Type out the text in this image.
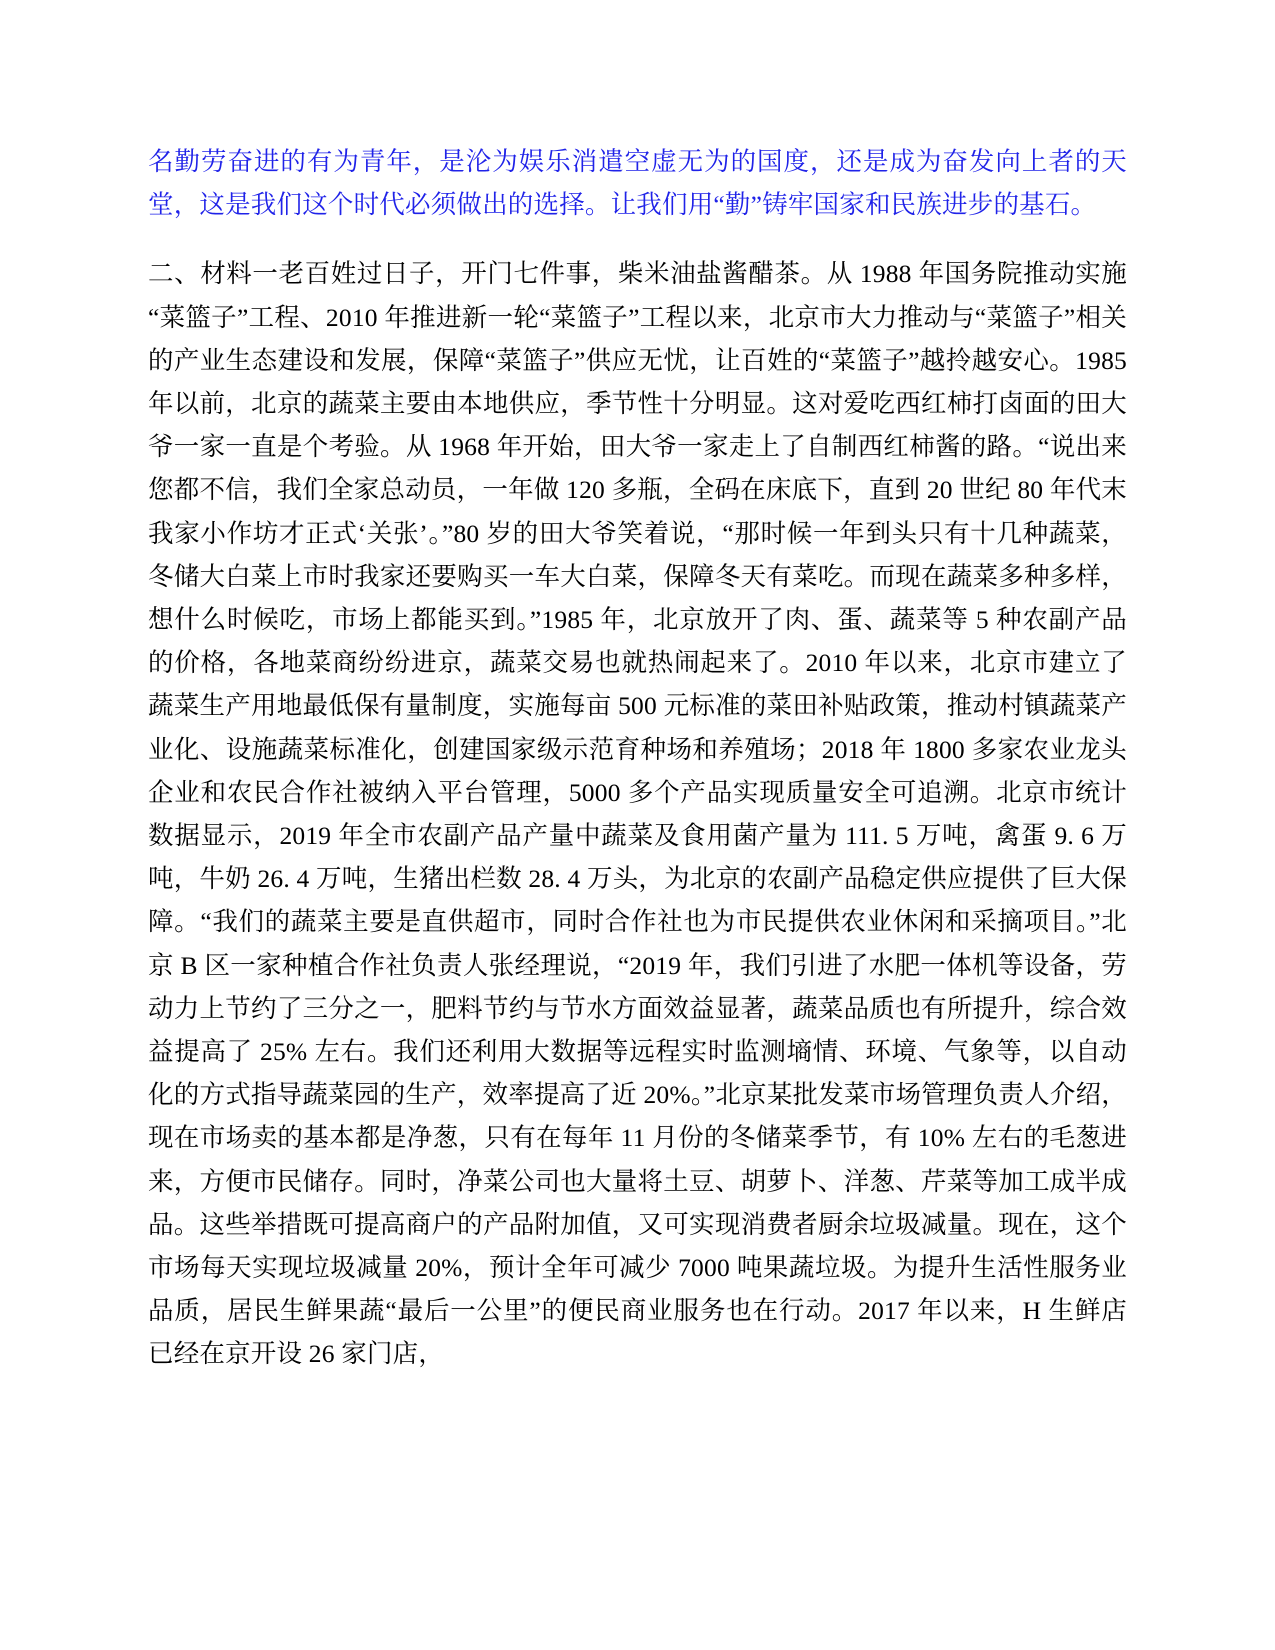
名勤劳奋进的有为青年，是沦为娱乐消遣空虚无为的国度，还是成为奋发向上者的天堂，这是我们这个时代必须做出的选择。让我们用“勤”铸牢国家和民族进步的基石。

二、材料一老百姓过日子，开门七件事，柴米油盐酱醋茶。从 1988 年国务院推动实施“菜篮子”工程、2010 年推进新一轮“菜篮子”工程以来，北京市大力推动与“菜篮子”相关的产业生态建设和发展，保障“菜篮子”供应无忧，让百姓的“菜篮子”越拎越安心。1985 年以前，北京的蔬菜主要由本地供应，季节性十分明显。这对爱吃西红柿打卤面的田大爷一家一直是个考验。从 1968 年开始，田大爷一家走上了自制西红柿酱的路。“说出来您都不信，我们全家总动员，一年做 120 多瓶，全码在床底下，直到 20 世纪 80 年代末我家小作坊才正式‘关张’。”80 岁的田大爷笑着说，“那时候一年到头只有十几种蔬菜，冬储大白菜上市时我家还要购买一车大白菜，保障冬天有菜吃。而现在蔬菜多种多样，想什么时候吃，市场上都能买到。”1985 年，北京放开了肉、蛋、蔬菜等 5 种农副产品的价格，各地菜商纷纷进京，蔬菜交易也就热闹起来了。2010 年以来，北京市建立了蔬菜生产用地最低保有量制度，实施每亩 500 元标准的菜田补贴政策，推动村镇蔬菜产业化、设施蔬菜标准化，创建国家级示范育种场和养殖场；2018 年 1800 多家农业龙头企业和农民合作社被纳入平台管理，5000 多个产品实现质量安全可追溯。北京市统计数据显示，2019 年全市农副产品产量中蔬菜及食用菌产量为 111. 5 万吨，禽蛋 9. 6 万吨，牛奶 26. 4 万吨，生猪出栏数 28. 4 万头，为北京的农副产品稳定供应提供了巨大保障。“我们的蔬菜主要是直供超市，同时合作社也为市民提供农业休闲和采摘项目。”北京 B 区一家种植合作社负责人张经理说，“2019 年，我们引进了水肥一体机等设备，劳动力上节约了三分之一，肥料节约与节水方面效益显著，蔬菜品质也有所提升，综合效益提高了 25% 左右。我们还利用大数据等远程实时监测墒情、环境、气象等，以自动化的方式指导蔬菜园的生产，效率提高了近 20%。”北京某批发菜市场管理负责人介绍，现在市场卖的基本都是净葱，只有在每年 11 月份的冬储菜季节，有 10% 左右的毛葱进来，方便市民储存。同时，净菜公司也大量将土豆、胡萝卜、洋葱、芹菜等加工成半成品。这些举措既可提高商户的产品附加值，又可实现消费者厨余垃圾减量。现在，这个市场每天实现垃圾减量 20%，预计全年可减少 7000 吨果蔬垃圾。为提升生活性服务业品质，居民生鲜果蔬“最后一公里”的便民商业服务也在行动。2017 年以来，H 生鲜店已经在京开设 26 家门店，
